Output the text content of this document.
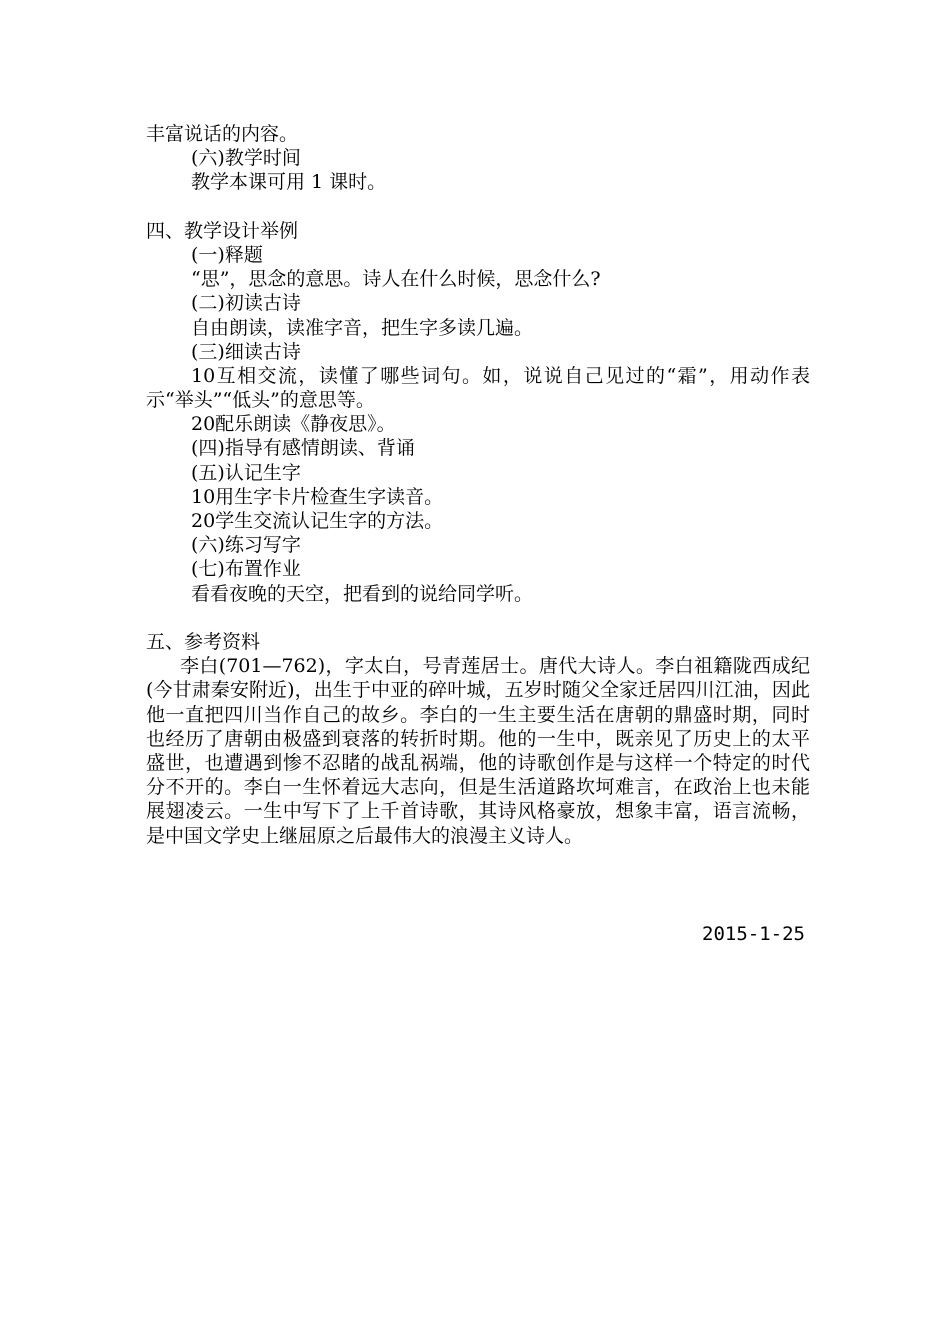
丰富说话的内容。
(六)教学时间
教学本课可用 1 课时。
四、教学设计举例
(一)释题
“思”，思念的意思。诗人在什么时候，思念什么?
(二)初读古诗
自由朗读，读准字音，把生字多读几遍。
(三)细读古诗
10互相交流，读懂了哪些词句。如，说说自己见过的“霜”，用动作表示“举头”“低头”的意思等。
20配乐朗读《静夜思》。
(四)指导有感情朗读、背诵
(五)认记生字
10用生字卡片检查生字读音。
20学生交流认记生字的方法。
(六)练习写字
(七)布置作业
看看夜晚的天空，把看到的说给同学听。
五、参考资料
李白(701—762)，字太白，号青莲居士。唐代大诗人。李白祖籍陇西成纪(今甘肃秦安附近)，出生于中亚的碎叶城，五岁时随父全家迁居四川江油，因此他一直把四川当作自己的故乡。李白的一生主要生活在唐朝的鼎盛时期，同时也经历了唐朝由极盛到衰落的转折时期。他的一生中，既亲见了历史上的太平盛世，也遭遇到惨不忍睹的战乱祸端，他的诗歌创作是与这样一个特定的时代分不开的。李白一生怀着远大志向，但是生活道路坎坷难言，在政治上也未能展翅凌云。一生中写下了上千首诗歌，其诗风格豪放，想象丰富，语言流畅，是中国文学史上继屈原之后最伟大的浪漫主义诗人。
2015-1-25
